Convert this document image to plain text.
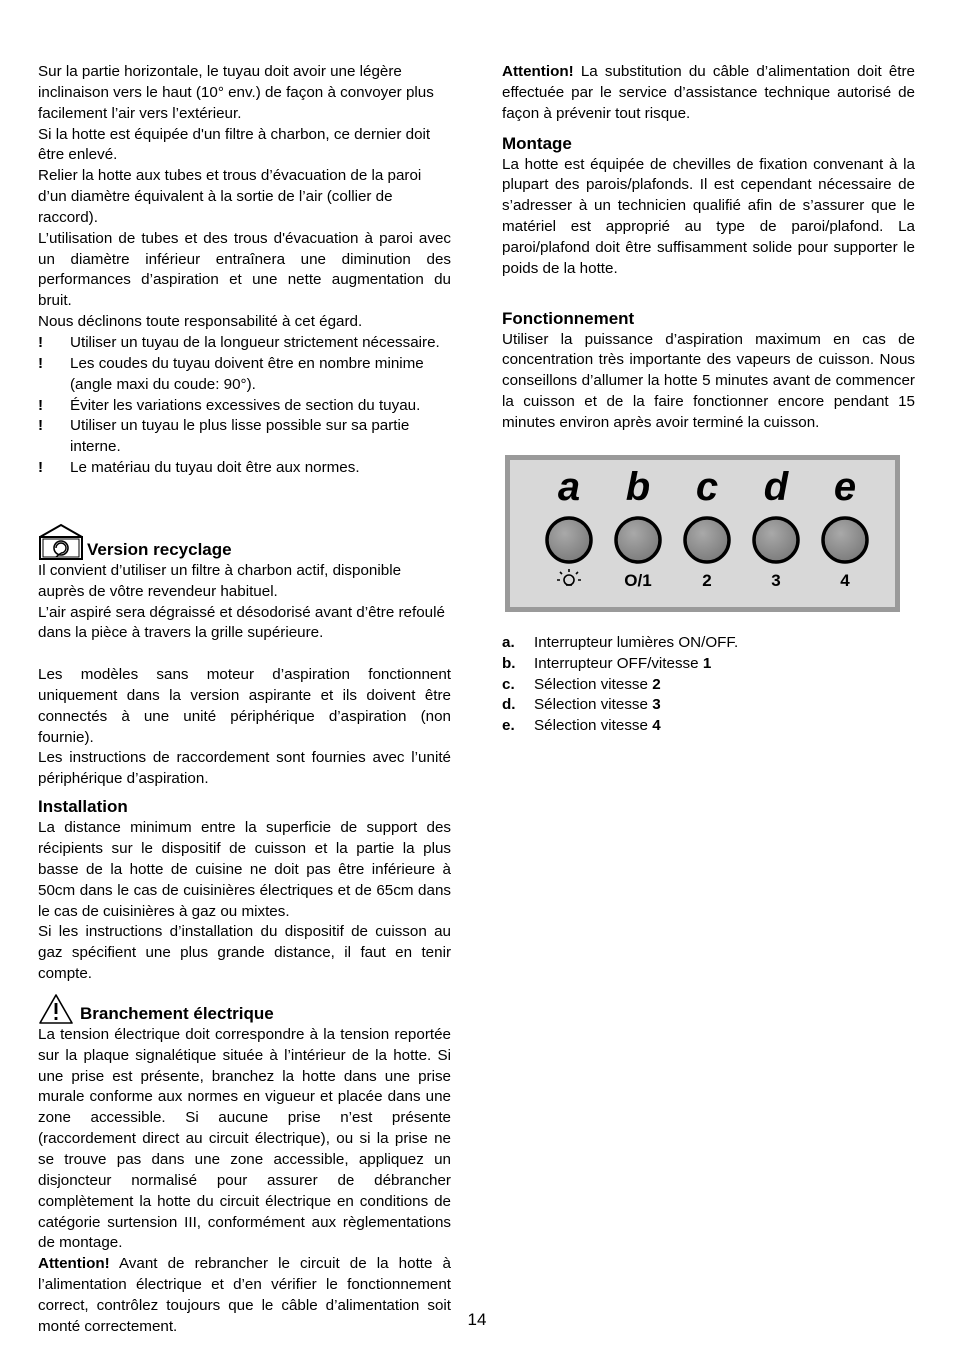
Sur la partie horizontale, le tuyau doit avoir une légère inclinaison vers le haut (10° env.) de façon à convoyer plus facilement l’air vers l’extérieur.

Si la hotte est équipée d'un filtre à charbon, ce dernier doit être enlevé.

Relier la hotte aux tubes et trous d’évacuation de la paroi d’un diamètre équivalent à la sortie de l’air (collier de raccord).

L’utilisation de tubes et des trous d'évacuation à paroi avec un diamètre inférieur entraînera une diminution des performances d’aspiration et une nette augmentation du bruit.

Nous déclinons toute responsabilité à cet égard.

!	Utiliser un tuyau de la longueur strictement nécessaire.
!	Les coudes du tuyau doivent être en nombre minime (angle maxi du coude: 90°).
!	Éviter les variations excessives de section du tuyau.
!	Utiliser un tuyau le plus lisse possible sur sa partie interne.
!	Le matériau du tuyau doit être aux normes.
Version recyclage

Il convient d’utiliser un filtre à charbon actif, disponible auprès de vôtre revendeur habituel.

L’air aspiré sera dégraissé et désodorisé avant d’être refoulé dans la pièce à travers la grille supérieure.

Les modèles sans moteur d’aspiration fonctionnent uniquement dans la version aspirante et ils doivent être connectés à une unité périphérique d’aspiration (non fournie).

Les instructions de raccordement sont fournies avec l’unité périphérique d’aspiration.

Installation

La distance minimum entre la superficie de support des récipients sur le dispositif de cuisson et la partie la plus basse de la hotte de cuisine ne doit pas être inférieure à 50cm dans le cas de cuisinières électriques et de 65cm dans le cas de cuisinières à gaz ou mixtes.

Si les instructions d’installation du dispositif de cuisson au gaz spécifient une plus grande distance, il faut en tenir compte.

Branchement électrique

La tension électrique doit correspondre à la tension reportée sur la plaque signalétique située à l’intérieur de la hotte. Si une prise est présente, branchez la hotte dans une prise murale conforme aux normes en vigueur et placée dans une zone accessible. Si aucune prise n’est présente (raccordement direct au circuit électrique), ou si la prise ne se trouve pas dans une zone accessible, appliquez un disjoncteur normalisé pour assurer de débrancher complètement la hotte du circuit électrique en conditions de catégorie surtension III, conformément aux règlementations de montage.

Attention! Avant de rebrancher le circuit de la hotte à l’alimentation électrique et d’en vérifier le fonctionnement correct, contrôlez toujours que le câble d’alimentation soit monté correctement.

Attention! La substitution du câble d’alimentation doit être effectuée par le service d’assistance technique autorisé de façon à prévenir tout risque.

Montage

La hotte est équipée de chevilles de fixation convenant à la plupart des parois/plafonds. Il est cependant nécessaire de s’adresser à un technicien qualifié afin de s’assurer que le matériel est approprié au type de paroi/plafond. La paroi/plafond doit être suffisamment solide pour supporter le poids de la hotte.

Fonctionnement

Utiliser la puissance d’aspiration maximum en cas de concentration très importante des vapeurs de cuisson. Nous conseillons d’allumer la hotte 5 minutes avant de commencer la cuisson et de la faire fonctionner encore pendant 15 minutes environ après avoir terminé la cuisson.

a b c d e
O/1	2	3	4
a.	Interrupteur lumières ON/OFF.
b.	Interrupteur OFF/vitesse 1
c.	Sélection vitesse 2
d.	Sélection vitesse 3
e.	Sélection vitesse 4
14
